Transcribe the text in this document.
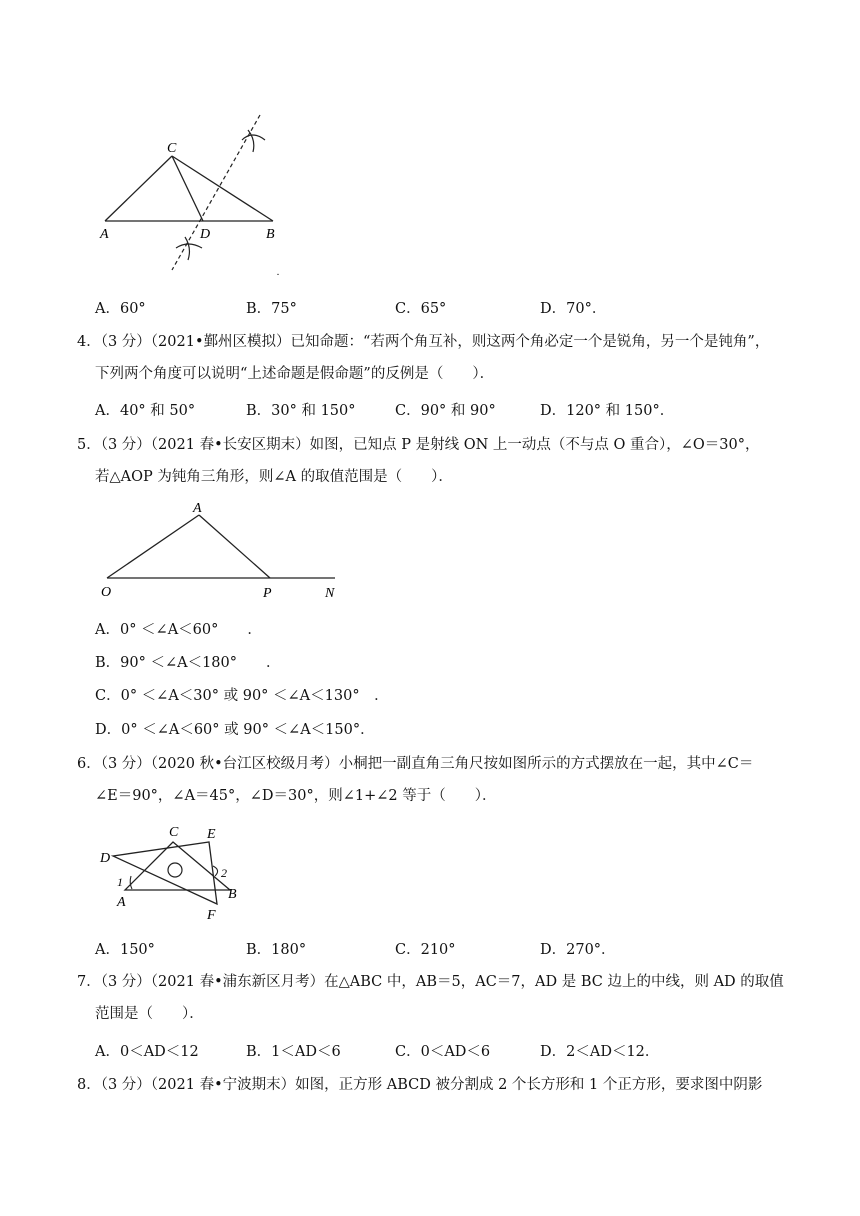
C
A	D	B
.
A．60°	B．75°	C．65°	D．70°．
4．（3 分）（2021•鄞州区模拟）已知命题：“若两个角互补，则这两个角必定一个是锐角，另一个是钝角”，
下列两个角度可以说明“上述命题是假命题”的反例是（　　）．
A．40° 和 50°	B．30° 和 150°	C．90° 和 90°	D．120° 和 150°．
5．（3 分）（2021 春•长安区期末）如图，已知点 P 是射线 ON 上一动点（不与点 O 重合），∠O＝30°，
若△AOP 为钝角三角形，则∠A 的取值范围是（　　）．
A
O	P	N
A．0° ＜∠A＜60°　　．
B．90° ＜∠A＜180°　　．
C．0° ＜∠A＜30° 或 90° ＜∠A＜130°　．
D．0° ＜∠A＜60° 或 90° ＜∠A＜150°．
6．（3 分）（2020 秋•台江区校级月考）小桐把一副直角三角尺按如图所示的方式摆放在一起，其中∠C＝
∠E＝90°，∠A＝45°，∠D＝30°，则∠1+∠2 等于（　　）．
C E
D
1
2
A
B
F
A．150°	B．180°	C．210°	D．270°．
7．（3 分）（2021 春•浦东新区月考）在△ABC 中，AB＝5，AC＝7，AD 是 BC 边上的中线，则 AD 的取值
范围是（　　）．
A．0＜AD＜12	B．1＜AD＜6	C．0＜AD＜6	D．2＜AD＜12．
8．（3 分）（2021 春•宁波期末）如图，正方形 ABCD 被分割成 2 个长方形和 1 个正方形，要求图中阴影
